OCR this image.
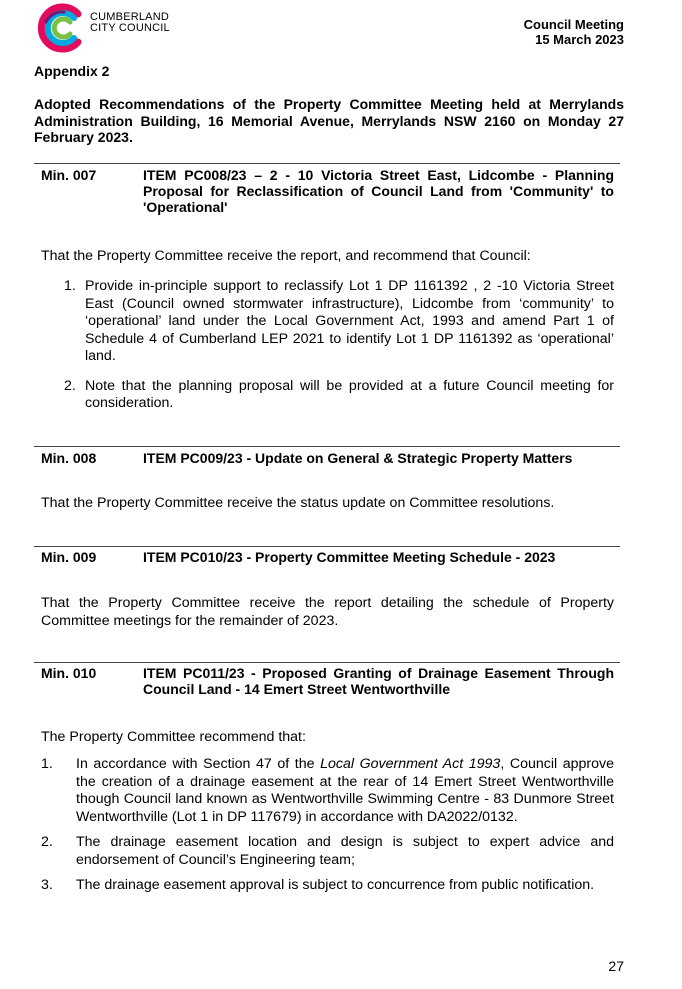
CUMBERLAND
CITY COUNCIL	Council Meeting
15 March 2023
Appendix 2
Adopted Recommendations of the Property Committee Meeting held at Merrylands Administration Building, 16 Memorial Avenue, Merrylands NSW 2160 on Monday 27 February 2023.
Min. 007	ITEM PC008/23 – 2 - 10 Victoria Street East, Lidcombe - Planning Proposal for Reclassification of Council Land from 'Community' to 'Operational'
That the Property Committee receive the report, and recommend that Council:
1. Provide in-principle support to reclassify Lot 1 DP 1161392 , 2 -10 Victoria Street East (Council owned stormwater infrastructure), Lidcombe from ‘community’ to ‘operational’ land under the Local Government Act, 1993 and amend Part 1 of Schedule 4 of Cumberland LEP 2021 to identify Lot 1 DP 1161392 as ‘operational’ land.
2. Note that the planning proposal will be provided at a future Council meeting for consideration.
Min. 008	ITEM PC009/23 - Update on General & Strategic Property Matters
That the Property Committee receive the status update on Committee resolutions.
Min. 009	ITEM PC010/23 - Property Committee Meeting Schedule - 2023
That the Property Committee receive the report detailing the schedule of Property Committee meetings for the remainder of 2023.
Min. 010	ITEM PC011/23 - Proposed Granting of Drainage Easement Through Council Land - 14 Emert Street Wentworthville
The Property Committee recommend that:
1. In accordance with Section 47 of the Local Government Act 1993, Council approve the creation of a drainage easement at the rear of 14 Emert Street Wentworthville though Council land known as Wentworthville Swimming Centre - 83 Dunmore Street Wentworthville (Lot 1 in DP 117679) in accordance with DA2022/0132.
2. The drainage easement location and design is subject to expert advice and endorsement of Council’s Engineering team;
3. The drainage easement approval is subject to concurrence from public notification.
27
